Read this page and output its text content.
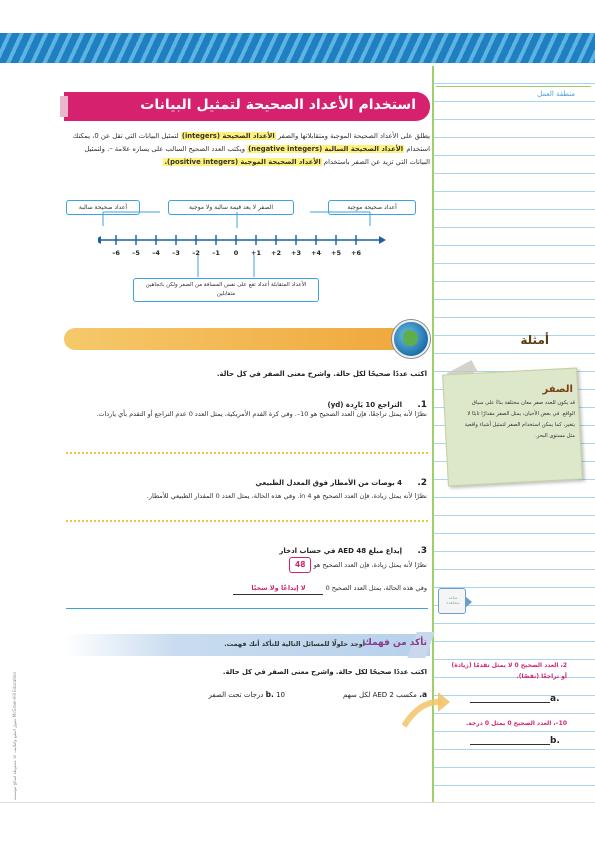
حقوق الطبع والتأليف © محفوظة لصالح مؤسسة McGraw-Hill Education
منطقة العمل
استخدام الأعداد الصحيحة لتمثيل البيانات
يطلق على الأعداد الصحيحة الموجبة ومتقابلاتها والصفر الأعداد الصحيحة (integers) لتمثيل البيانات التي تقل عن 0، يمكنك استخدام الأعداد الصحيحة السالبة (negative integers) ويكتب العدد الصحيح السالب على يساره علامة –. ولتمثيل البيانات التي تزيد عن الصفر باستخدام الأعداد الصحيحة الموجبة (positive integers).
أعداد صحيحة سالبة	الصفر لا يعد قيمة سالبة ولا موجبة	أعداد صحيحة موجبة
–6	–5	–4	–3	–2	–1	0	+1	+2	+3	+4	+5	+6
الأعداد المتقابلة أعداد تقع على نفس المسافة من الصفر ولكن باتجاهين متقابلين
أمثلة
اكتب عددًا صحيحًا لكل حالة. واشرح معنى الصفر في كل حالة.
1.   التراجع 10 يَارِدة (yd)
نظرًا لأنه يمثل تراجعًا، فإن العدد الصحيح هو 10–. وفي كرة القدم الأمريكية، يمثل العدد 0 عدم التراجع أو التقدم بأي ياردات.
2.   4 بوصات من الأمطار فوق المعدل الطبيعي
نظرًا لأنه يمثل زيادة، فإن العدد الصحيح هو 4 in. وفي هذه الحالة، يمثل العدد 0 المقدار الطبيعي للأمطار.
3.   إيداع مبلغ 48 AED في حساب ادخار
نظرًا لأنه يمثل زيادة، فإن العدد الصحيح هو 48
وفي هذه الحالة، يمثل العدد الصحيح 0 لا إيداعًا ولا سحبًا
تأكد من فهمك
أوجد حلولًا للمسائل التالية للتأكد أنك فهمت.
اكتب عددًا صحيحًا لكل حالة. واشرح معنى الصفر في كل حالة.
a. مكسب 2 AED لكل سهم
b. 10 درجات تحت الصفر
الصفر
قد يكون للعدد صفر معان مختلفة بناءً على سياق الواقع. في بعض الأحيان، يمثل الصفر مقدارًا ثابتًا لا يتغير، كما يمكن استخدام الصفر لتمثيل أشياء واقعية مثل مستوى البحر.
ساعد مشاهدة
2، العدد الصحيح 0 لا يمثل تقدمًا (زيادة) أو تراجعًا (نقصًا).
a.
10–، العدد الصحيح 0 يمثل 0 درجة.
b.
